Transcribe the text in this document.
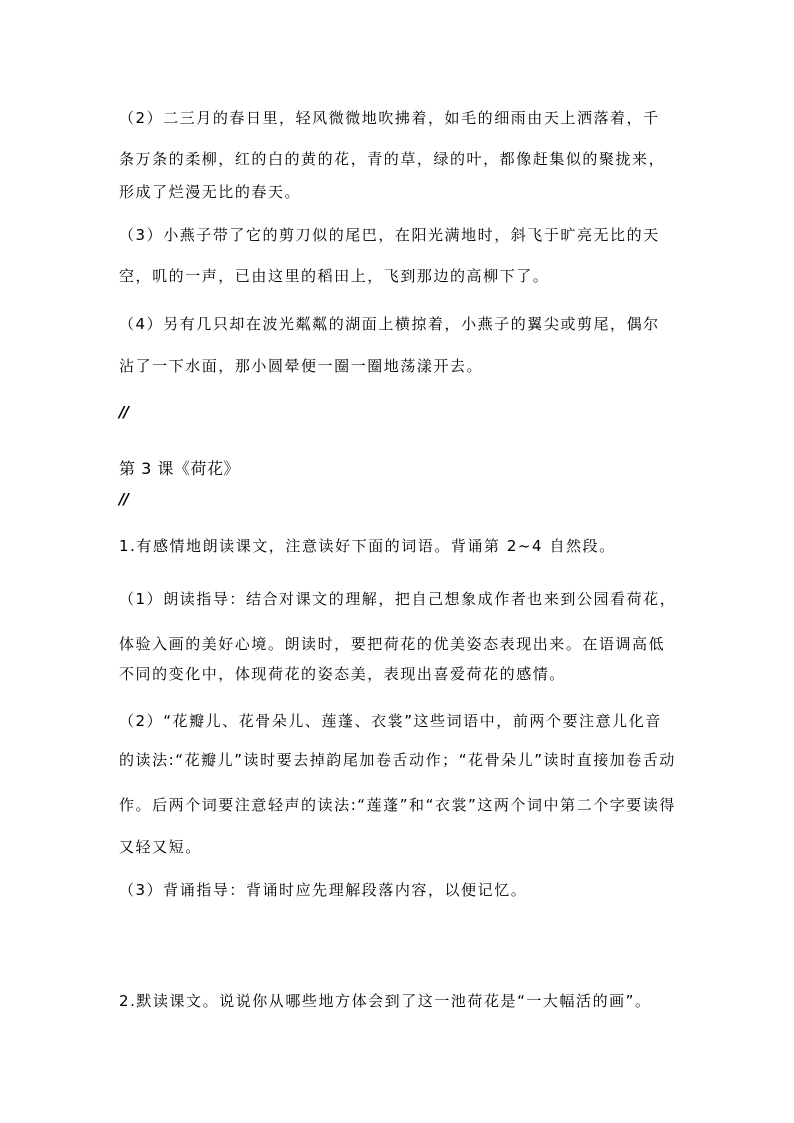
（2）二三月的春日里，轻风微微地吹拂着，如毛的细雨由天上洒落着，千
条万条的柔柳，红的白的黄的花，青的草，绿的叶，都像赶集似的聚拢来，
形成了烂漫无比的春天。
（3）小燕子带了它的剪刀似的尾巴，在阳光满地时，斜飞于旷亮无比的天
空，叽的一声，已由这里的稻田上，飞到那边的高柳下了。
（4）另有几只却在波光粼粼的湖面上横掠着，小燕子的翼尖或剪尾，偶尔
沾了一下水面，那小圆晕便一圈一圈地荡漾开去。
//
第 3 课《荷花》
//
1.有感情地朗读课文，注意读好下面的词语。背诵第 2~4 自然段。
（1）朗读指导：结合对课文的理解，把自己想象成作者也来到公园看荷花，
体验入画的美好心境。朗读时，要把荷花的优美姿态表现出来。在语调高低
不同的变化中，体现荷花的姿态美，表现出喜爱荷花的感情。
（2）“花瓣儿、花骨朵儿、莲蓬、衣裳”这些词语中，前两个要注意儿化音
的读法:“花瓣儿”读时要去掉韵尾加卷舌动作；“花骨朵儿”读时直接加卷舌动
作。后两个词要注意轻声的读法:“莲蓬”和“衣裳”这两个词中第二个字要读得
又轻又短。
（3）背诵指导：背诵时应先理解段落内容，以便记忆。
2.默读课文。说说你从哪些地方体会到了这一池荷花是“一大幅活的画”。
